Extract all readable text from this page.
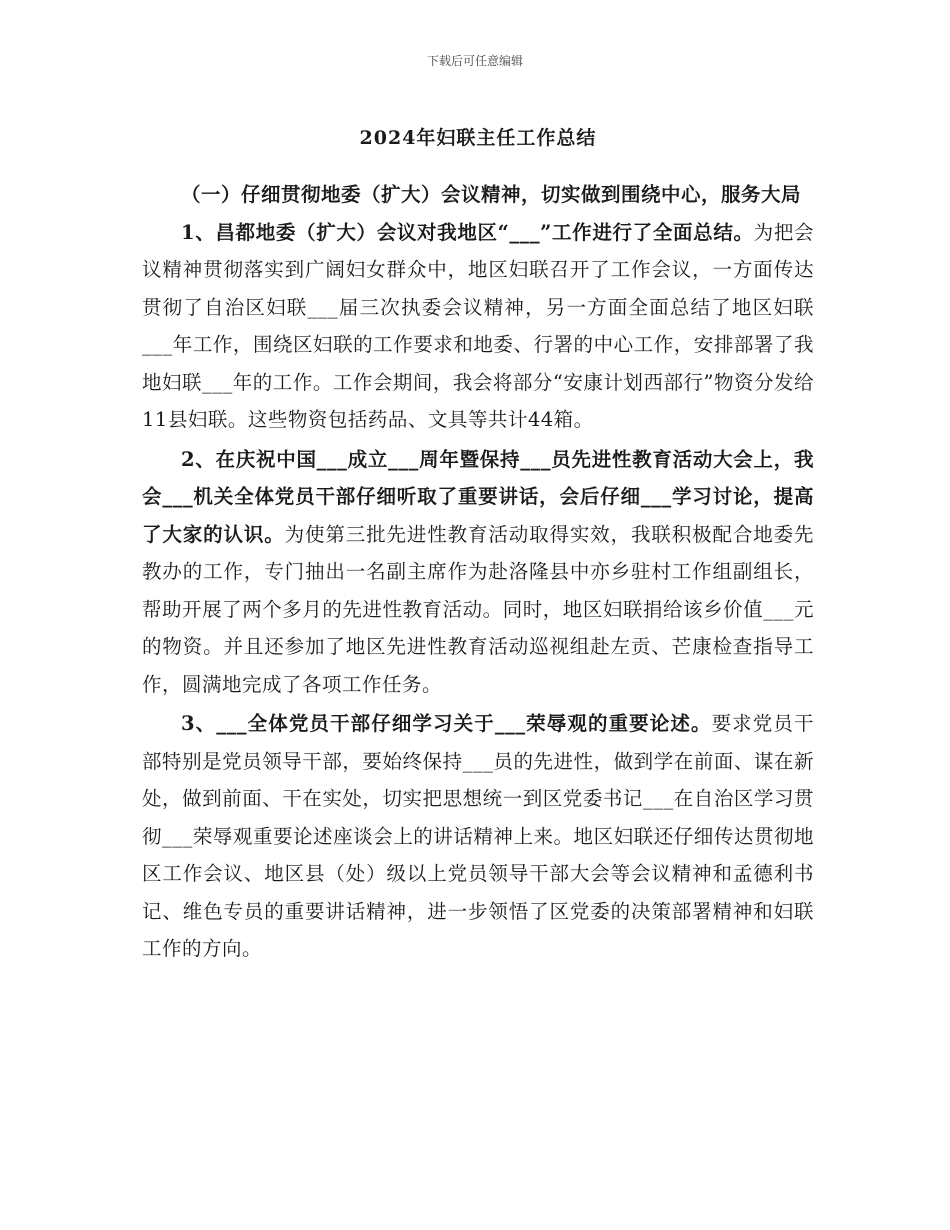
下载后可任意编辑
2024年妇联主任工作总结

（一）仔细贯彻地委（扩大）会议精神，切实做到围绕中心，服务大局

1、昌都地委（扩大）会议对我地区“___”工作进行了全面总结。为把会议精神贯彻落实到广阔妇女群众中，地区妇联召开了工作会议，一方面传达贯彻了自治区妇联___届三次执委会议精神，另一方面全面总结了地区妇联___年工作，围绕区妇联的工作要求和地委、行署的中心工作，安排部署了我地妇联___年的工作。工作会期间，我会将部分“安康计划西部行”物资分发给11县妇联。这些物资包括药品、文具等共计44箱。

2、在庆祝中国___成立___周年暨保持___员先进性教育活动大会上，我会___机关全体党员干部仔细听取了重要讲话，会后仔细___学习讨论，提高了大家的认识。为使第三批先进性教育活动取得实效，我联积极配合地委先教办的工作，专门抽出一名副主席作为赴洛隆县中亦乡驻村工作组副组长，帮助开展了两个多月的先进性教育活动。同时，地区妇联捐给该乡价值___元的物资。并且还参加了地区先进性教育活动巡视组赴左贡、芒康检查指导工作，圆满地完成了各项工作任务。

3、___全体党员干部仔细学习关于___荣辱观的重要论述。要求党员干部特别是党员领导干部，要始终保持___员的先进性，做到学在前面、谋在新处，做到前面、干在实处，切实把思想统一到区党委书记___在自治区学习贯彻___荣辱观重要论述座谈会上的讲话精神上来。地区妇联还仔细传达贯彻地区工作会议、地区县（处）级以上党员领导干部大会等会议精神和孟德利书记、维色专员的重要讲话精神，进一步领悟了区党委的决策部署精神和妇联工作的方向。
